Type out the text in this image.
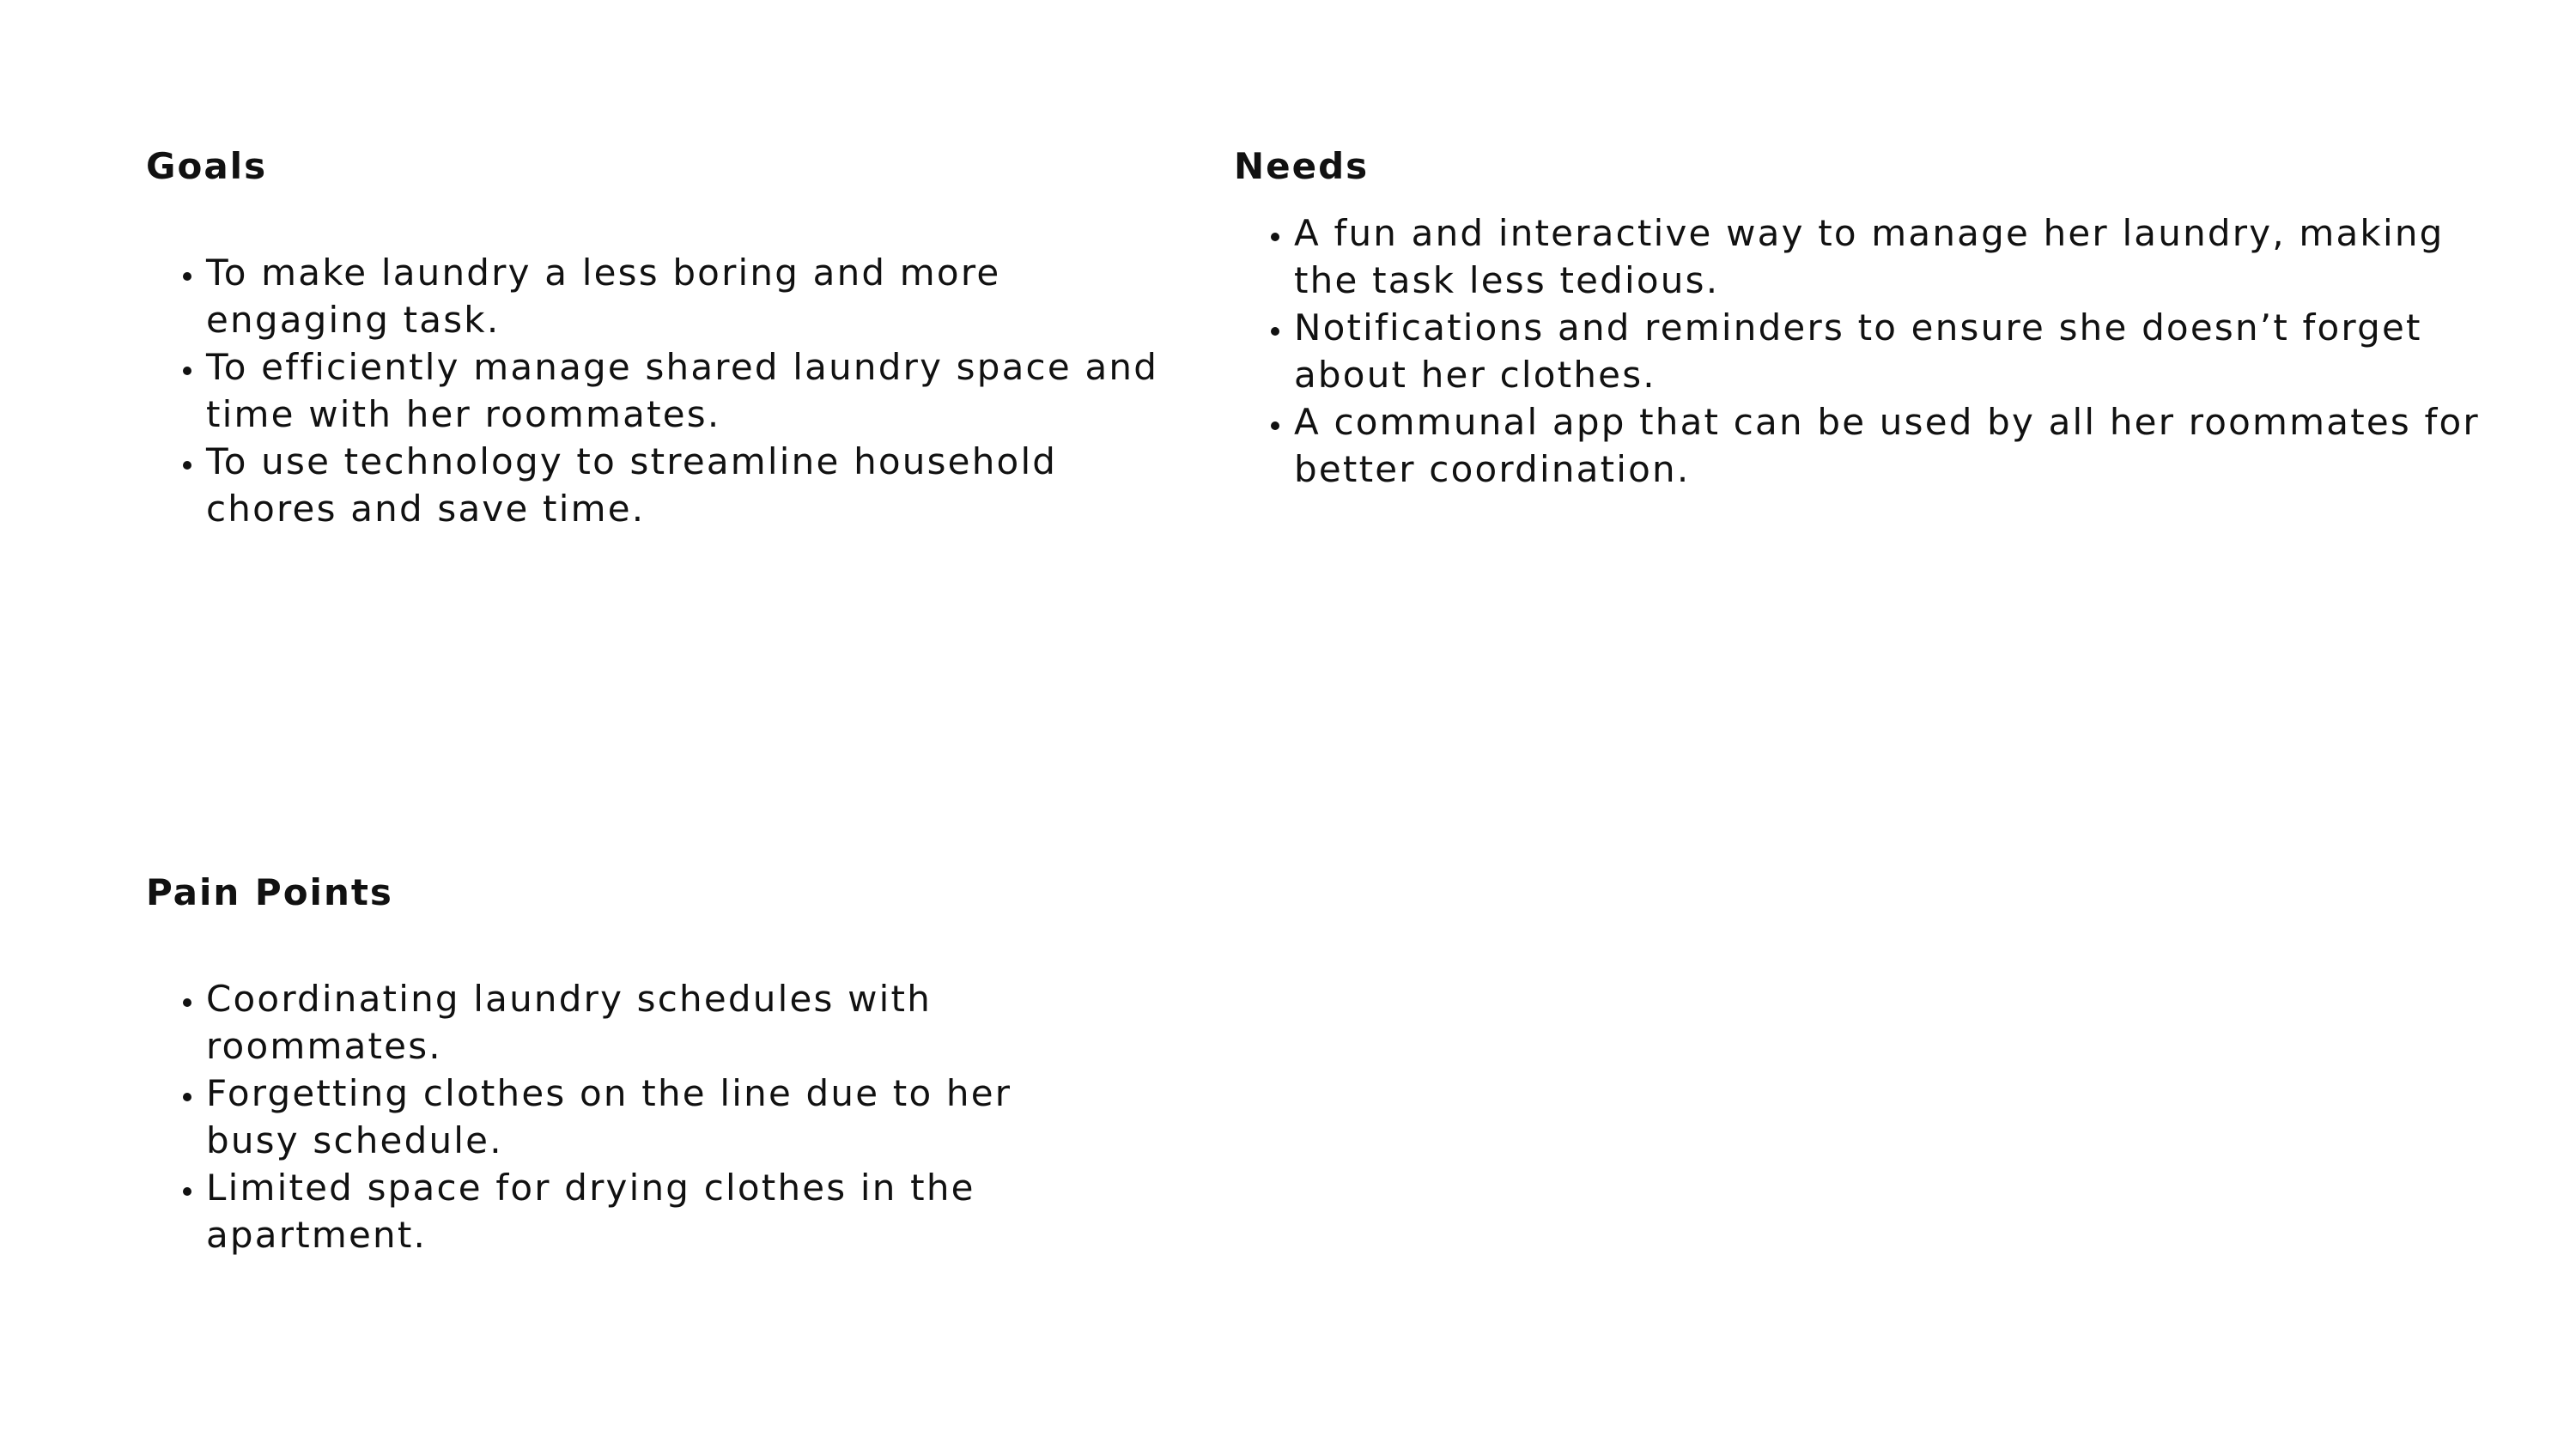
Goals
• To make laundry a less boring and more engaging task.
• To efficiently manage shared laundry space and time with her roommates.
• To use technology to streamline household chores and save time.
Needs
• A fun and interactive way to manage her laundry, making the task less tedious.
• Notifications and reminders to ensure she doesn’t forget about her clothes.
• A communal app that can be used by all her roommates for better coordination.
Pain Points
• Coordinating laundry schedules with roommates.
• Forgetting clothes on the line due to her busy schedule.
• Limited space for drying clothes in the apartment.
